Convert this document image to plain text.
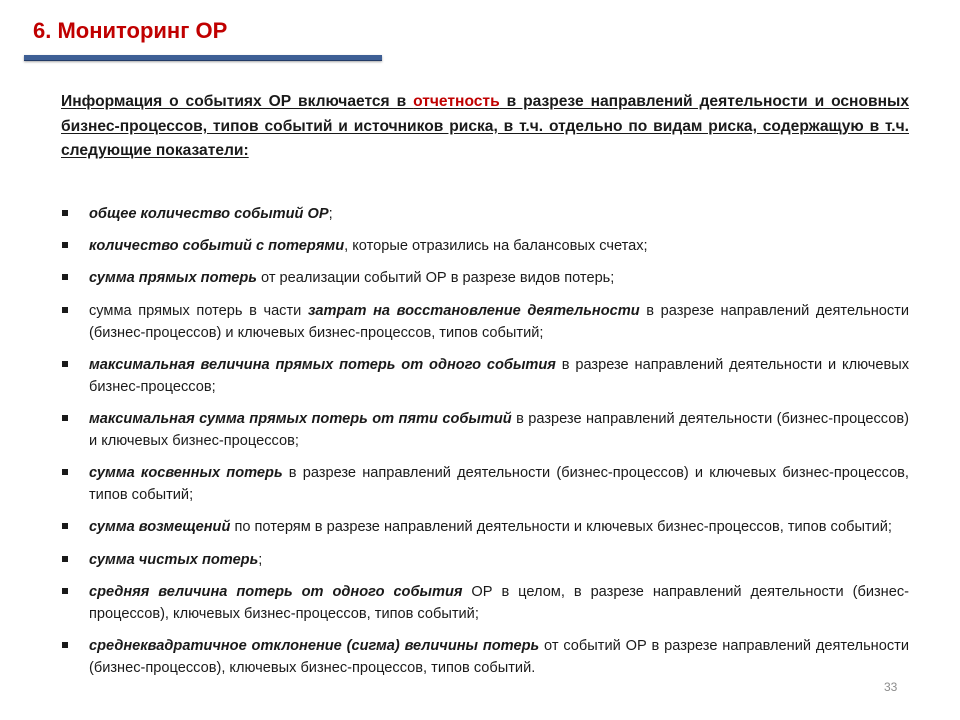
6. Мониторинг ОР

Информация о событиях ОР включается в отчетность в разрезе направлений деятельности и основных бизнес-процессов, типов событий и источников риска, в т.ч. отдельно по видам риска, содержащую в т.ч. следующие показатели:

общее количество событий ОР;
количество событий с потерями, которые отразились на балансовых счетах;
сумма прямых потерь от реализации событий ОР в разрезе видов потерь;
сумма прямых потерь в части затрат на восстановление деятельности в разрезе направлений деятельности (бизнес-процессов) и ключевых бизнес-процессов, типов событий;
максимальная величина прямых потерь от одного события в разрезе направлений деятельности и ключевых бизнес-процессов;
максимальная сумма прямых потерь от пяти событий в разрезе направлений деятельности (бизнес-процессов) и ключевых бизнес-процессов;
сумма косвенных потерь в разрезе направлений деятельности (бизнес-процессов) и ключевых бизнес-процессов, типов событий;
сумма возмещений по потерям в разрезе направлений деятельности и ключевых бизнес-процессов, типов событий;
сумма чистых потерь;
средняя величина потерь от одного события ОР в целом, в разрезе направлений деятельности (бизнес-процессов), ключевых бизнес-процессов, типов событий;
среднеквадратичное отклонение (сигма) величины потерь от событий ОР в разрезе направлений деятельности (бизнес-процессов), ключевых бизнес-процессов, типов событий.
33
